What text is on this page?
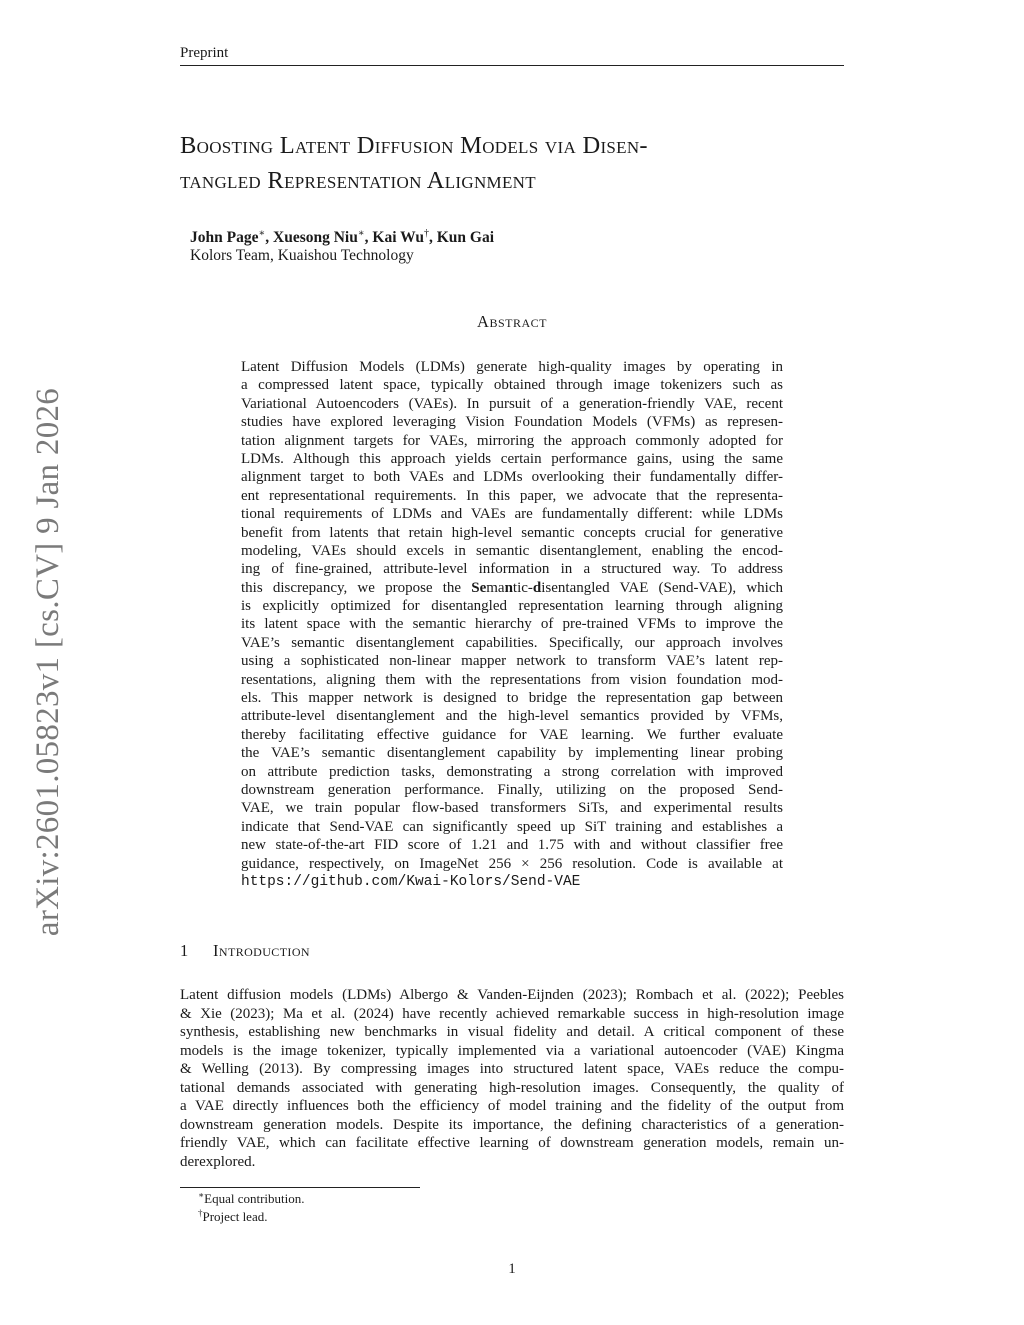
Preprint
Boosting Latent Diffusion Models via Disen-
tangled Representation Alignment
John Page∗, Xuesong Niu∗, Kai Wu†, Kun Gai
Kolors Team, Kuaishou Technology
Abstract
Latent Diffusion Models (LDMs) generate high-quality images by operating in
a compressed latent space, typically obtained through image tokenizers such as
Variational Autoencoders (VAEs). In pursuit of a generation-friendly VAE, recent
studies have explored leveraging Vision Foundation Models (VFMs) as represen-
tation alignment targets for VAEs, mirroring the approach commonly adopted for
LDMs. Although this approach yields certain performance gains, using the same
alignment target to both VAEs and LDMs overlooking their fundamentally differ-
ent representational requirements. In this paper, we advocate that the representa-
tional requirements of LDMs and VAEs are fundamentally different: while LDMs
benefit from latents that retain high-level semantic concepts crucial for generative
modeling, VAEs should excels in semantic disentanglement, enabling the encod-
ing of fine-grained, attribute-level information in a structured way. To address
this discrepancy, we propose the Semantic-disentangled VAE (Send-VAE), which
is explicitly optimized for disentangled representation learning through aligning
its latent space with the semantic hierarchy of pre-trained VFMs to improve the
VAE’s semantic disentanglement capabilities. Specifically, our approach involves
using a sophisticated non-linear mapper network to transform VAE’s latent rep-
resentations, aligning them with the representations from vision foundation mod-
els. This mapper network is designed to bridge the representation gap between
attribute-level disentanglement and the high-level semantics provided by VFMs,
thereby facilitating effective guidance for VAE learning. We further evaluate
the VAE’s semantic disentanglement capability by implementing linear probing
on attribute prediction tasks, demonstrating a strong correlation with improved
downstream generation performance. Finally, utilizing on the proposed Send-
VAE, we train popular flow-based transformers SiTs, and experimental results
indicate that Send-VAE can significantly speed up SiT training and establishes a
new state-of-the-art FID score of 1.21 and 1.75 with and without classifier free
guidance, respectively, on ImageNet 256 × 256 resolution. Code is available at
https://github.com/Kwai-Kolors/Send-VAE
1 Introduction
Latent diffusion models (LDMs) Albergo & Vanden-Eijnden (2023); Rombach et al. (2022); Peebles
& Xie (2023); Ma et al. (2024) have recently achieved remarkable success in high-resolution image
synthesis, establishing new benchmarks in visual fidelity and detail. A critical component of these
models is the image tokenizer, typically implemented via a variational autoencoder (VAE) Kingma
& Welling (2013). By compressing images into structured latent space, VAEs reduce the compu-
tational demands associated with generating high-resolution images. Consequently, the quality of
a VAE directly influences both the efficiency of model training and the fidelity of the output from
downstream generation models. Despite its importance, the defining characteristics of a generation-
friendly VAE, which can facilitate effective learning of downstream generation models, remain un-
derexplored.
∗Equal contribution.
†Project lead.
1
arXiv:2601.05823v1 [cs.CV] 9 Jan 2026
